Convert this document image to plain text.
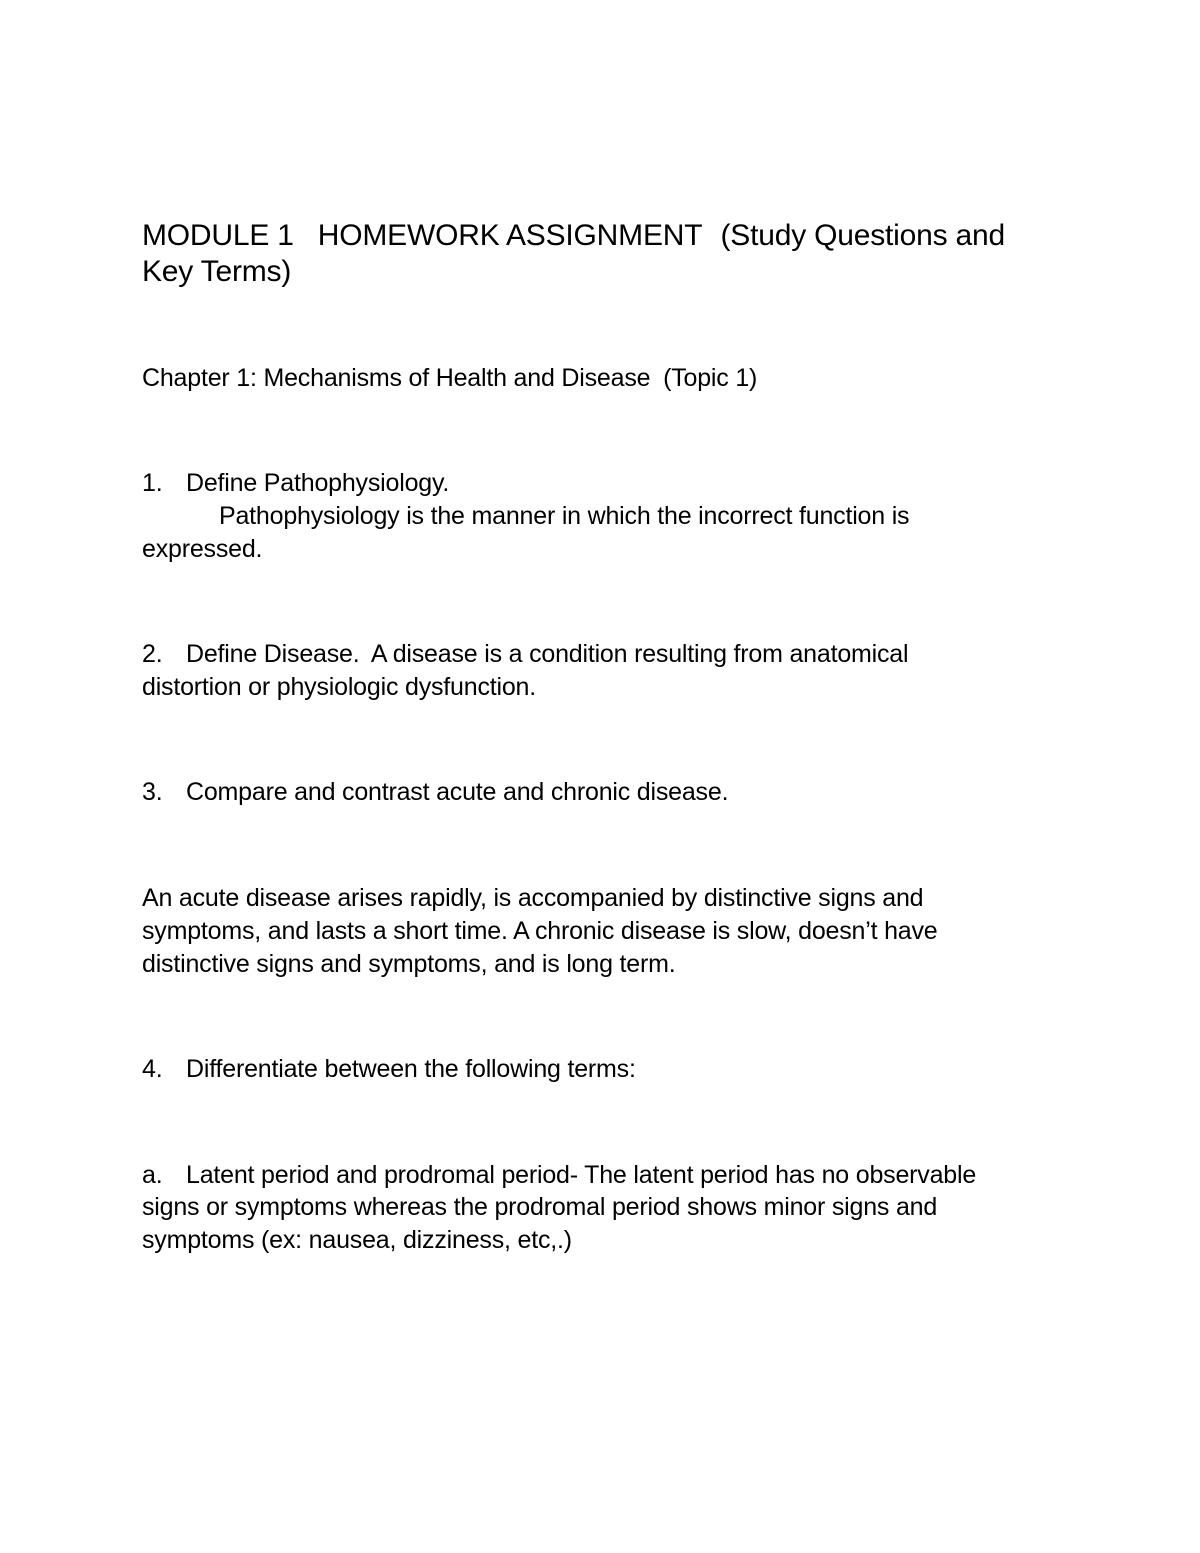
MODULE 1 HOMEWORK ASSIGNMENT (Study Questions and Key Terms)

Chapter 1: Mechanisms of Health and Disease (Topic 1)

1. Define Pathophysiology.

Pathophysiology is the manner in which the incorrect function is

expressed.

2. Define Disease. A disease is a condition resulting from anatomical

distortion or physiologic dysfunction.

3. Compare and contrast acute and chronic disease.

An acute disease arises rapidly, is accompanied by distinctive signs and

symptoms, and lasts a short time. A chronic disease is slow, doesn’t have

distinctive signs and symptoms, and is long term.

4. Differentiate between the following terms:

a. Latent period and prodromal period- The latent period has no observable

signs or symptoms whereas the prodromal period shows minor signs and

symptoms (ex: nausea, dizziness, etc,.)
